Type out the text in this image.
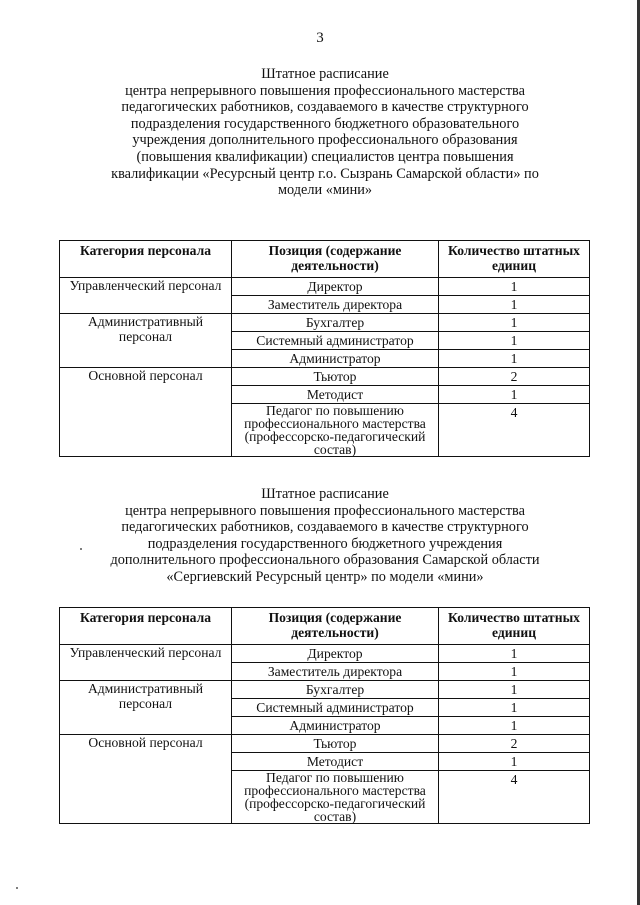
3
Штатное расписание
центра непрерывного повышения профессионального мастерства
педагогических работников, создаваемого в качестве структурного
подразделения государственного бюджетного образовательного
учреждения дополнительного профессионального образования
(повышения квалификации) специалистов центра повышения
квалификации «Ресурсный центр г.о. Сызрань Самарской области» по
модели «мини»
Категория персонала	Позиция (содержание деятельности)	Количество штатных единиц
Управленческий персонал	Директор	1
	Заместитель директора	1
Административный персонал	Бухгалтер	1
	Системный администратор	1
	Администратор	1
Основной персонал	Тьютор	2
	Методист	1
	Педагог по повышению профессионального мастерства (профессорско-педагогический состав)	4
Штатное расписание
центра непрерывного повышения профессионального мастерства
педагогических работников, создаваемого в качестве структурного
подразделения государственного бюджетного учреждения
дополнительного профессионального образования Самарской области
«Сергиевский Ресурсный центр» по модели «мини»
Категория персонала	Позиция (содержание деятельности)	Количество штатных единиц
Управленческий персонал	Директор	1
	Заместитель директора	1
Административный персонал	Бухгалтер	1
	Системный администратор	1
	Администратор	1
Основной персонал	Тьютор	2
	Методист	1
	Педагог по повышению профессионального мастерства (профессорско-педагогический состав)	4
